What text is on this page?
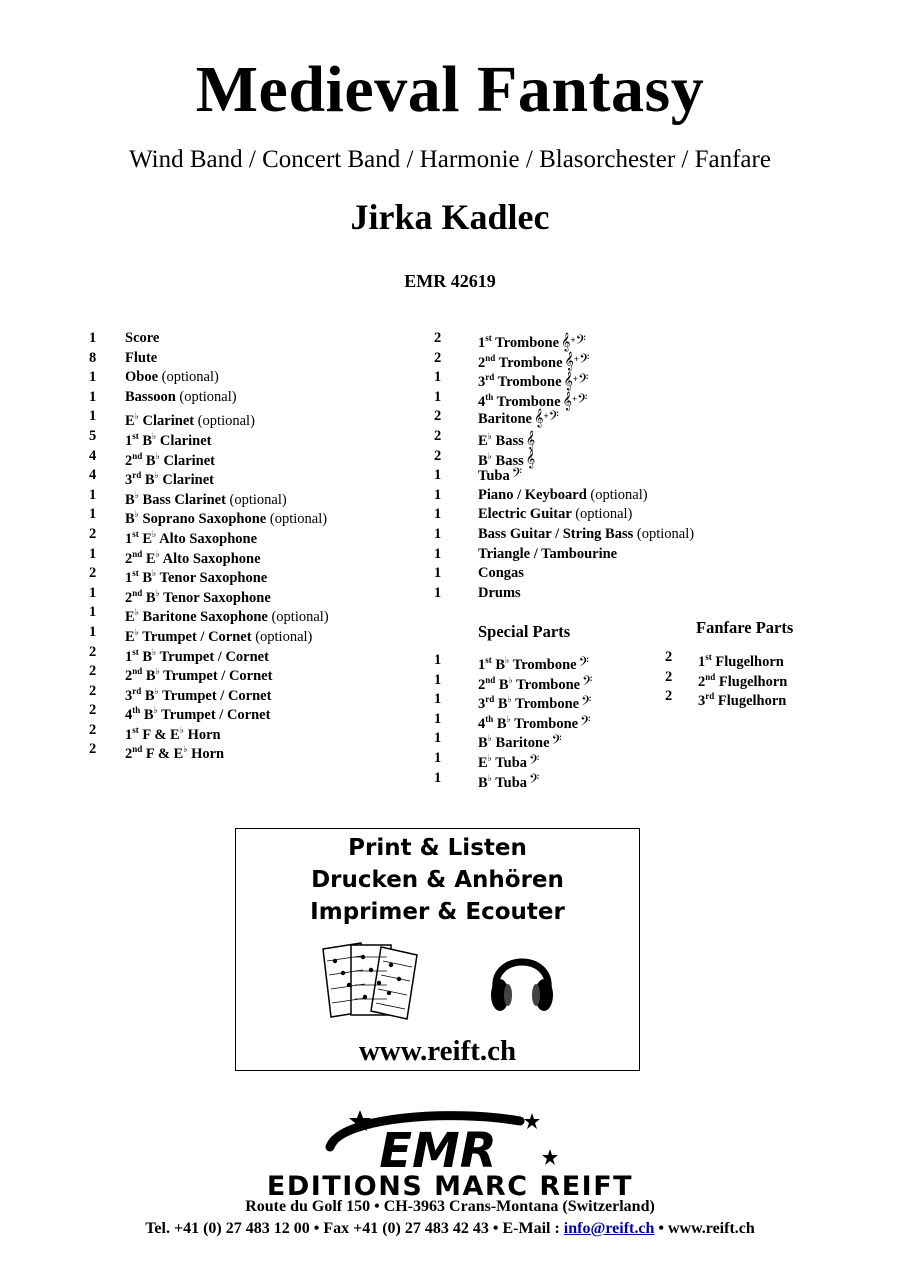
Medieval Fantasy
Wind Band / Concert Band / Harmonie / Blasorchester / Fanfare
Jirka Kadlec
EMR 42619
1 Score
8 Flute
1 Oboe (optional)
1 Bassoon (optional)
1 E♭ Clarinet (optional)
5 1st B♭ Clarinet
4 2nd B♭ Clarinet
4 3rd B♭ Clarinet
1 B♭ Bass Clarinet (optional)
1 B♭ Soprano Saxophone (optional)
2 1st E♭ Alto Saxophone
1 2nd E♭ Alto Saxophone
2 1st B♭ Tenor Saxophone
1 2nd B♭ Tenor Saxophone
1 E♭ Baritone Saxophone (optional)
1 E♭ Trumpet / Cornet (optional)
2 1st B♭ Trumpet / Cornet
2 2nd B♭ Trumpet / Cornet
2 3rd B♭ Trumpet / Cornet
2 4th B♭ Trumpet / Cornet
2 1st F & E♭ Horn
2 2nd F & E♭ Horn
2	1st Trombone 𝄞+𝄢
2	2nd Trombone 𝄞+𝄢
1	3rd Trombone 𝄞+𝄢
1	4th Trombone 𝄞+𝄢
2	Baritone 𝄞+𝄢
2	E♭ Bass 𝄞
2	B♭ Bass 𝄞
1	Tuba 𝄢
1	Piano / Keyboard (optional)
1	Electric Guitar (optional)
1	Bass Guitar / String Bass (optional)
1	Triangle / Tambourine
1	Congas
1	Drums
Special Parts
1	1st B♭ Trombone 𝄢
1	2nd B♭ Trombone 𝄢
1	3rd B♭ Trombone 𝄢
1	4th B♭ Trombone 𝄢
1	B♭ Baritone 𝄢
1	E♭ Tuba 𝄢
1	B♭ Tuba 𝄢
Fanfare Parts
2 1st Flugelhorn
2 2nd Flugelhorn
2 3rd Flugelhorn
Print & Listen
Drucken & Anhören
Imprimer & Ecouter
www.reift.ch
EMR
EDITIONS MARC REIFT
Route du Golf 150 • CH-3963 Crans-Montana (Switzerland)
Tel. +41 (0) 27 483 12 00 • Fax +41 (0) 27 483 42 43 • E-Mail : info@reift.ch • www.reift.ch
